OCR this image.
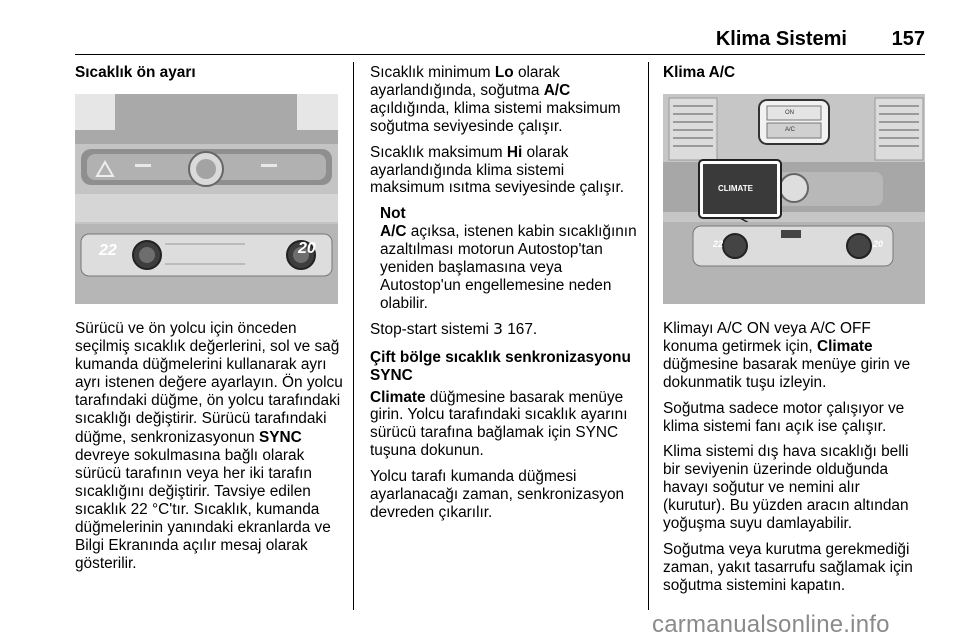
Klima Sistemi 157

Sıcaklık ön ayarı

22	20

Sürücü ve ön yolcu için önceden seçilmiş sıcaklık değerlerini, sol ve sağ kumanda düğmelerini kullanarak ayrı ayrı istenen değere ayarlayın. Ön yolcu tarafındaki düğme, ön yolcu tarafındaki sıcaklığı değiştirir. Sürücü tarafındaki düğme, senkronizasyonun SYNC devreye sokulmasına bağlı olarak sürücü tarafının veya her iki tarafın sıcaklığını değiştirir. Tavsiye edilen sıcaklık 22 °C'tır. Sıcaklık, kumanda düğmelerinin yanındaki ekranlarda ve Bilgi Ekranında açılır mesaj olarak gösterilir.

Sıcaklık minimum Lo olarak ayarlandığında, soğutma A/C açıldığında, klima sistemi maksimum soğutma seviyesinde çalışır.

Sıcaklık maksimum Hi olarak ayarlandığında klima sistemi maksimum ısıtma seviyesinde çalışır.

Not
A/C açıksa, istenen kabin sıcaklığının azaltılması motorun Autostop'tan yeniden başlamasına veya Autostop'un engellemesine neden olabilir.

Stop-start sistemi 3 167.

Çift bölge sıcaklık senkronizasyonu SYNC

Climate düğmesine basarak menüye girin. Yolcu tarafındaki sıcaklık ayarını sürücü tarafına bağlamak için SYNC tuşuna dokunun.

Yolcu tarafı kumanda düğmesi ayarlanacağı zaman, senkronizasyon devreden çıkarılır.

Klima A/C

ON
A/C
CLIMATE
22	20

Klimayı A/C ON veya A/C OFF konuma getirmek için, Climate düğmesine basarak menüye girin ve dokunmatik tuşu izleyin.

Soğutma sadece motor çalışıyor ve klima sistemi fanı açık ise çalışır.

Klima sistemi dış hava sıcaklığı belli bir seviyenin üzerinde olduğunda havayı soğutur ve nemini alır (kurutur). Bu yüzden aracın altından yoğuşma suyu damlayabilir.

Soğutma veya kurutma gerekmediği zaman, yakıt tasarrufu sağlamak için soğutma sistemini kapatın.

carmanualsonline.info
